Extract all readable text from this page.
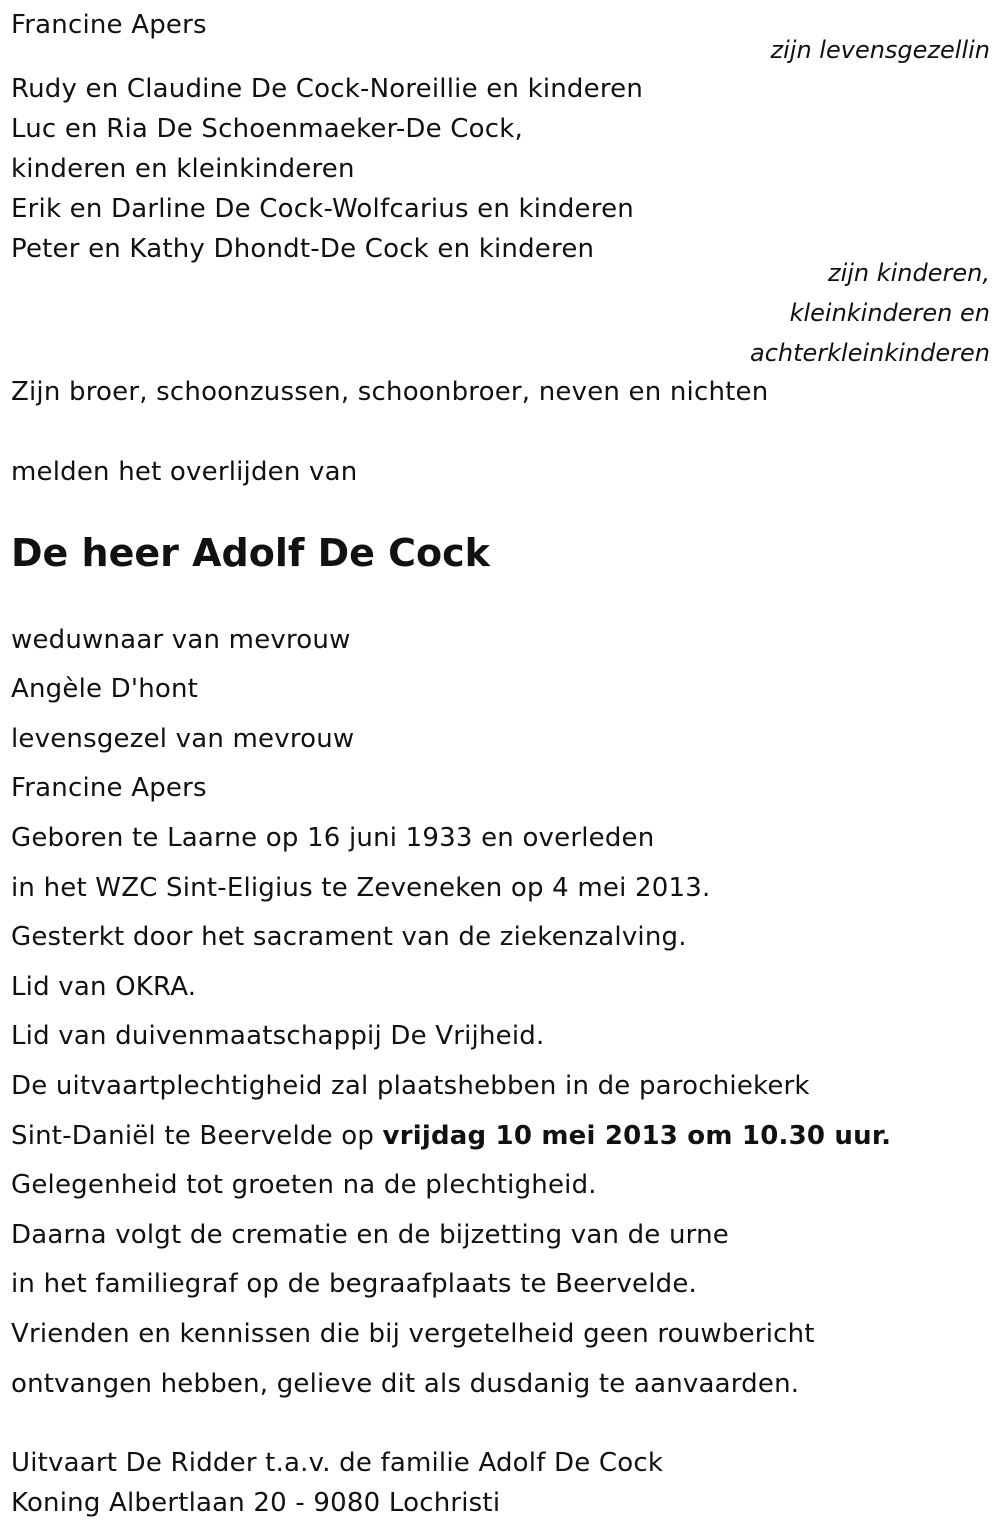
Francine Apers
zijn levensgezellin
Rudy en Claudine De Cock-Noreillie en kinderen
Luc en Ria De Schoenmaeker-De Cock,
kinderen en kleinkinderen
Erik en Darline De Cock-Wolfcarius en kinderen
Peter en Kathy Dhondt-De Cock en kinderen
zijn kinderen,
kleinkinderen en
achterkleinkinderen
Zijn broer, schoonzussen, schoonbroer, neven en nichten
melden het overlijden van
De heer Adolf De Cock
weduwnaar van mevrouw
Angèle D'hont
levensgezel van mevrouw
Francine Apers
Geboren te Laarne op 16 juni 1933 en overleden
in het WZC Sint-Eligius te Zeveneken op 4 mei 2013.
Gesterkt door het sacrament van de ziekenzalving.
Lid van OKRA.
Lid van duivenmaatschappij De Vrijheid.
De uitvaartplechtigheid zal plaatshebben in de parochiekerk
Sint-Daniël te Beervelde op vrijdag 10 mei 2013 om 10.30 uur.
Gelegenheid tot groeten na de plechtigheid.
Daarna volgt de crematie en de bijzetting van de urne
in het familiegraf op de begraafplaats te Beervelde.
Vrienden en kennissen die bij vergetelheid geen rouwbericht
ontvangen hebben, gelieve dit als dusdanig te aanvaarden.
Uitvaart De Ridder t.a.v. de familie Adolf De Cock
Koning Albertlaan 20 - 9080 Lochristi
